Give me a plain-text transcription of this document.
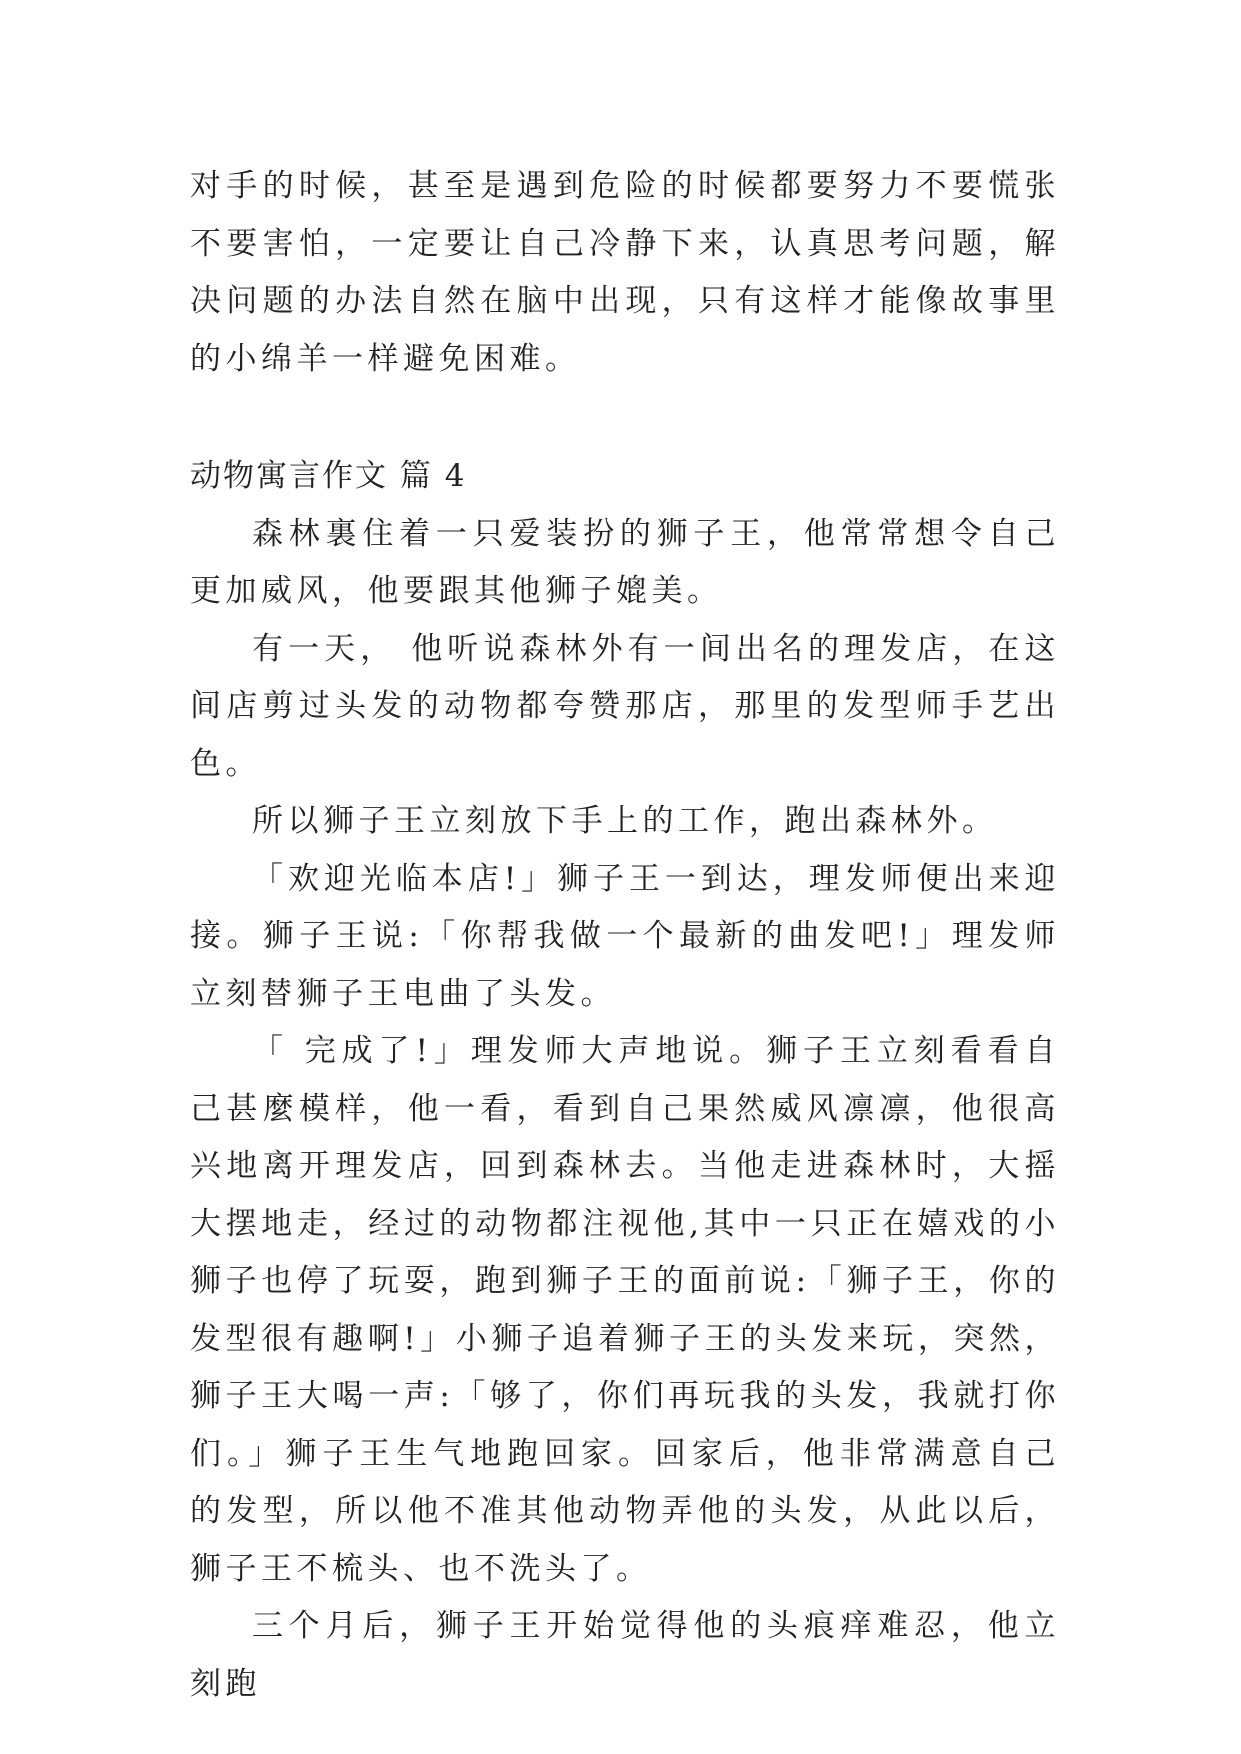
对手的时候，甚至是遇到危险的时候都要努力不要慌张不要害怕，一定要让自己冷静下来，认真思考问题，解决问题的办法自然在脑中出现，只有这样才能像故事里的小绵羊一样避免困难。

动物寓言作文 篇 4

森林裏住着一只爱装扮的狮子王，他常常想令自己更加威风，他要跟其他狮子媲美。

有一天， 他听说森林外有一间出名的理发店，在这间店剪过头发的动物都夸赞那店，那里的发型师手艺出色。

所以狮子王立刻放下手上的工作，跑出森林外。

「欢迎光临本店!」狮子王一到达，理发师便出来迎接。狮子王说:「你帮我做一个最新的曲发吧!」理发师立刻替狮子王电曲了头发。

「 完成了!」理发师大声地说。狮子王立刻看看自己甚麼模样，他一看，看到自己果然威风凛凛，他很高兴地离开理发店，回到森林去。当他走进森林时，大摇大摆地走，经过的动物都注视他,其中一只正在嬉戏的小狮子也停了玩耍，跑到狮子王的面前说:「狮子王，你的发型很有趣啊!」小狮子追着狮子王的头发来玩，突然，狮子王大喝一声:「够了，你们再玩我的头发，我就打你们。」狮子王生气地跑回家。回家后，他非常满意自己的发型，所以他不准其他动物弄他的头发，从此以后，狮子王不梳头、也不洗头了。

三个月后，狮子王开始觉得他的头痕痒难忍，他立刻跑
